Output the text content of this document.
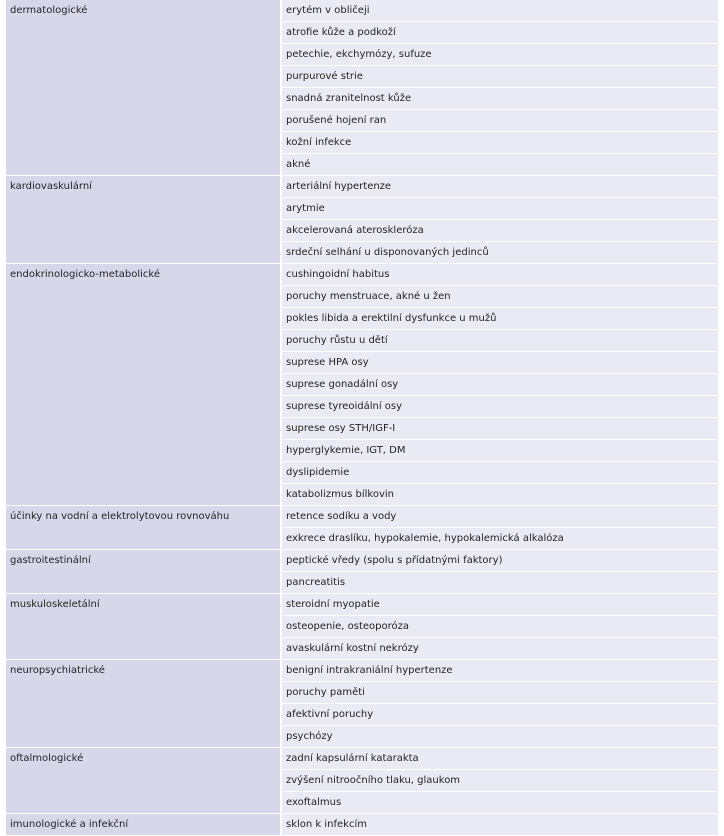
dermatologické	erytém v obličeji
	atrofie kůže a podkoží
	petechie, ekchymózy, sufuze
	purpurové strie
	snadná zranitelnost kůže
	porušené hojení ran
	kožní infekce
	akné
kardiovaskulární	arteriální hypertenze
	arytmie
	akcelerovaná ateroskleróza
	srdeční selhání u disponovaných jedinců
endokrinologicko-metabolické	cushingoidní habitus
	poruchy menstruace, akné u žen
	pokles libida a erektilní dysfunkce u mužů
	poruchy růstu u dětí
	suprese HPA osy
	suprese gonadální osy
	suprese tyreoidální osy
	suprese osy STH/IGF-I
	hyperglykemie, IGT, DM
	dyslipidemie
	katabolizmus bílkovin
účinky na vodní a elektrolytovou rovnováhu	retence sodíku a vody
	exkrece draslíku, hypokalemie, hypokalemická alkalóza
gastroitestinální	peptické vředy (spolu s přídatnými faktory)
	pancreatitis
muskuloskeletální	steroidní myopatie
	osteopenie, osteoporóza
	avaskulární kostní nekrózy
neuropsychiatrické	benigní intrakraniální hypertenze
	poruchy paměti
	afektivní poruchy
	psychózy
oftalmologické	zadní kapsulární katarakta
	zvýšení nitroočního tlaku, glaukom
	exoftalmus
imunologické a infekční	sklon k infekcím
